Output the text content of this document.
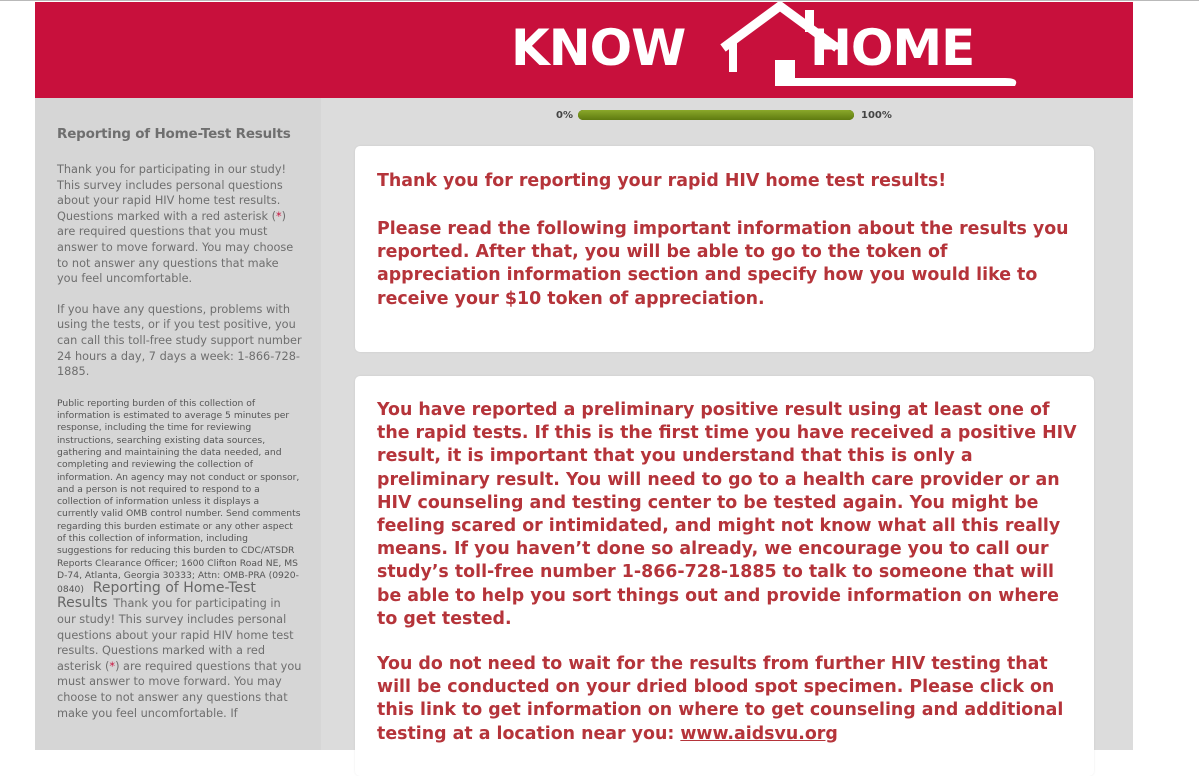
KNOW at HOME
Reporting of Home-Test Results

Thank you for participating in our study! This survey includes personal questions about your rapid HIV home test results. Questions marked with a red asterisk (*) are required questions that you must answer to move forward. You may choose to not answer any questions that make you feel uncomfortable.

If you have any questions, problems with using the tests, or if you test positive, you can call this toll-free study support number 24 hours a day, 7 days a week: 1-866-728-1885.

Public reporting burden of this collection of information is estimated to average 5 minutes per response, including the time for reviewing instructions, searching existing data sources, gathering and maintaining the data needed, and completing and reviewing the collection of information. An agency may not conduct or sponsor, and a person is not required to respond to a collection of information unless it displays a currently valid OMB control number. Send comments regarding this burden estimate or any other aspect of this collection of information, including suggestions for reducing this burden to CDC/ATSDR Reports Clearance Officer; 1600 Clifton Road NE, MS D-74, Atlanta, Georgia 30333; Attn: OMB-PRA (0920-0840) Reporting of Home-Test Results Thank you for participating in our study! This survey includes personal questions about your rapid HIV home test results. Questions marked with a red asterisk (*) are required questions that you must answer to move forward. You may choose to not answer any questions that make you feel uncomfortable. If

0%	100%
Thank you for reporting your rapid HIV home test results!
Please read the following important information about the results you reported. After that, you will be able to go to the token of appreciation information section and specify how you would like to receive your $10 token of appreciation.
You have reported a preliminary positive result using at least one of the rapid tests. If this is the first time you have received a positive HIV result, it is important that you understand that this is only a preliminary result. You will need to go to a health care provider or an HIV counseling and testing center to be tested again. You might be feeling scared or intimidated, and might not know what all this really means. If you haven’t done so already, we encourage you to call our study’s toll-free number 1-866-728-1885 to talk to someone that will be able to help you sort things out and provide information on where to get tested.
You do not need to wait for the results from further HIV testing that will be conducted on your dried blood spot specimen. Please click on this link to get information on where to get counseling and additional testing at a location near you: www.aidsvu.org
